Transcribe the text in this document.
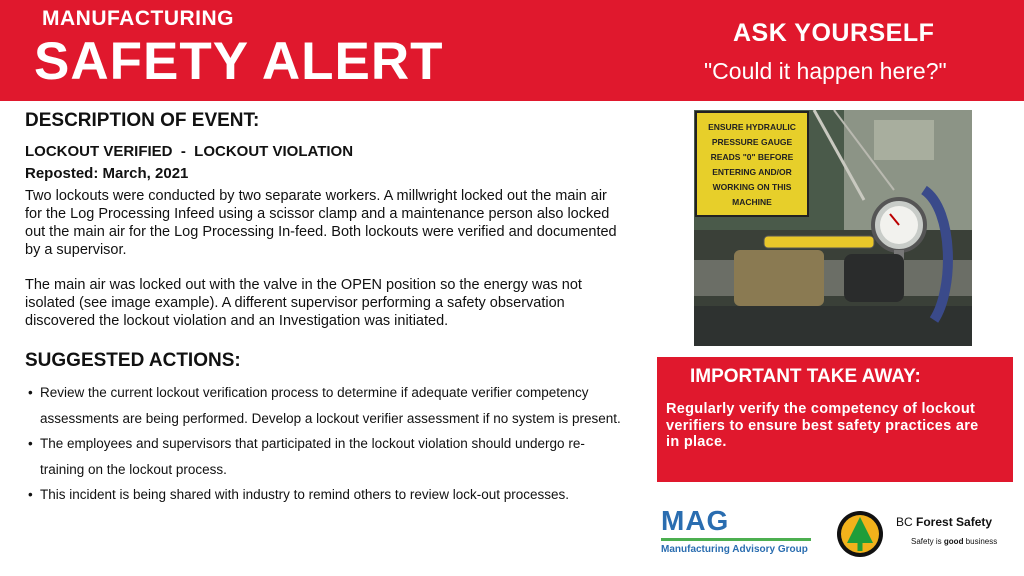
MANUFACTURING
SAFETY ALERT	ASK YOURSELF
"Could it happen here?"
DESCRIPTION OF EVENT:
LOCKOUT VERIFIED  -  LOCKOUT VIOLATION
Reposted: March, 2021

Two lockouts were conducted by two separate workers. A millwright locked out the main air for the Log Processing Infeed using a scissor clamp and a maintenance person also locked out the main air for the Log Processing In-feed. Both lockouts were verified and documented by a supervisor.

The main air was locked out with the valve in the OPEN position so the energy was not isolated (see image example). A different supervisor performing a safety observation discovered the lockout violation and an Investigation was initiated.

SUGGESTED ACTIONS:
• Review the current lockout verification process to determine if adequate verifier competency assessments are being performed. Develop a lockout verifier assessment if no system is present.
• The employees and supervisors that participated in the lockout violation should undergo re-training on the lockout process.
• This incident is being shared with industry to remind others to review lock-out processes.
ENSURE HYDRAULIC
PRESSURE GAUGE
READS "0" BEFORE
ENTERING AND/OR
WORKING ON THIS
MACHINE
IMPORTANT TAKE AWAY:
Regularly verify the competency of lockout verifiers to ensure best safety practices are in place.
MAG
Manufacturing Advisory Group
BC Forest Safety
Safety is good business
